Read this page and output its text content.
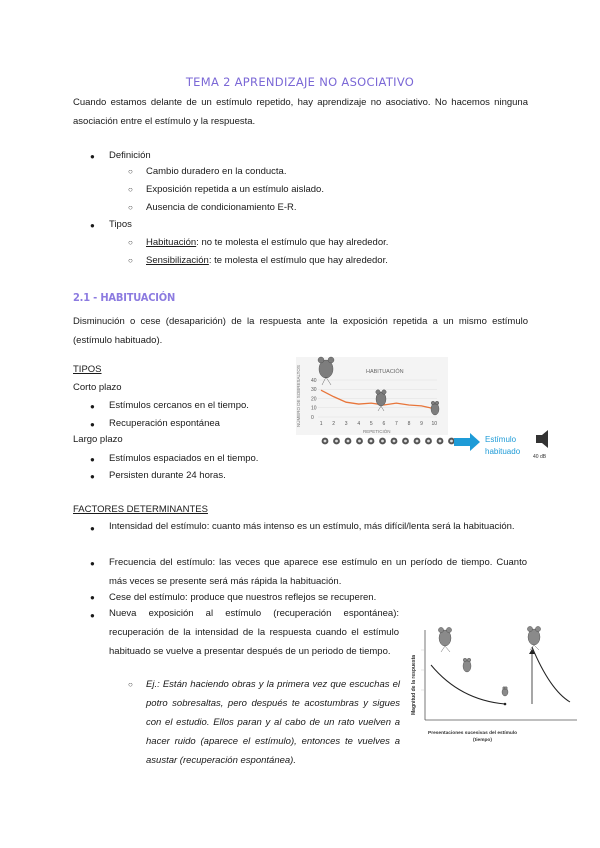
TEMA 2 APRENDIZAJE NO ASOCIATIVO
Cuando estamos delante de un estímulo repetido, hay aprendizaje no asociativo. No hacemos ninguna asociación entre el estímulo y la respuesta.
● Definición
○ Cambio duradero en la conducta.
○ Exposición repetida a un estímulo aislado.
○ Ausencia de condicionamiento E-R.
● Tipos
○ Habituación: no te molesta el estímulo que hay alrededor.
○ Sensibilización: te molesta el estímulo que hay alrededor.
2.1 - HABITUACIÓN
Disminución o cese (desaparición) de la respuesta ante la exposición repetida a un mismo estímulo (estímulo habituado).
TIPOS
Corto plazo
● Estímulos cercanos en el tiempo.
● Recuperación espontánea
Largo plazo
● Estímulos espaciados en el tiempo.
● Persisten durante 24 horas.
HABITUACIÓN
NÚMERO DE SOBRESALTOS
REPETICIÓN
0
10
20
30
40
1 2 3 4 5 6 7 8 9 10
Estímulo
habituado
40 dB
FACTORES DETERMINANTES
● Intensidad del estímulo: cuanto más intenso es un estímulo, más difícil/lenta será la habituación.
● Frecuencia del estímulo: las veces que aparece ese estímulo en un período de tiempo. Cuanto más veces se presente será más rápida la habituación.
● Cese del estímulo: produce que nuestros reflejos se recuperen.
● Nueva exposición al estímulo (recuperación espontánea): recuperación de la intensidad de la respuesta cuando el estímulo habituado se vuelve a presentar después de un periodo de tiempo.
○ Ej.: Están haciendo obras y la primera vez que escuchas el potro sobresaltas, pero después te acostumbras y sigues con el estudio. Ellos paran y al cabo de un rato vuelven a hacer ruido (aparece el estímulo), entonces te vuelves a asustar (recuperación espontánea).
Magnitud de la respuesta
Presentaciones sucesivas del estímulo
(tiempo)
